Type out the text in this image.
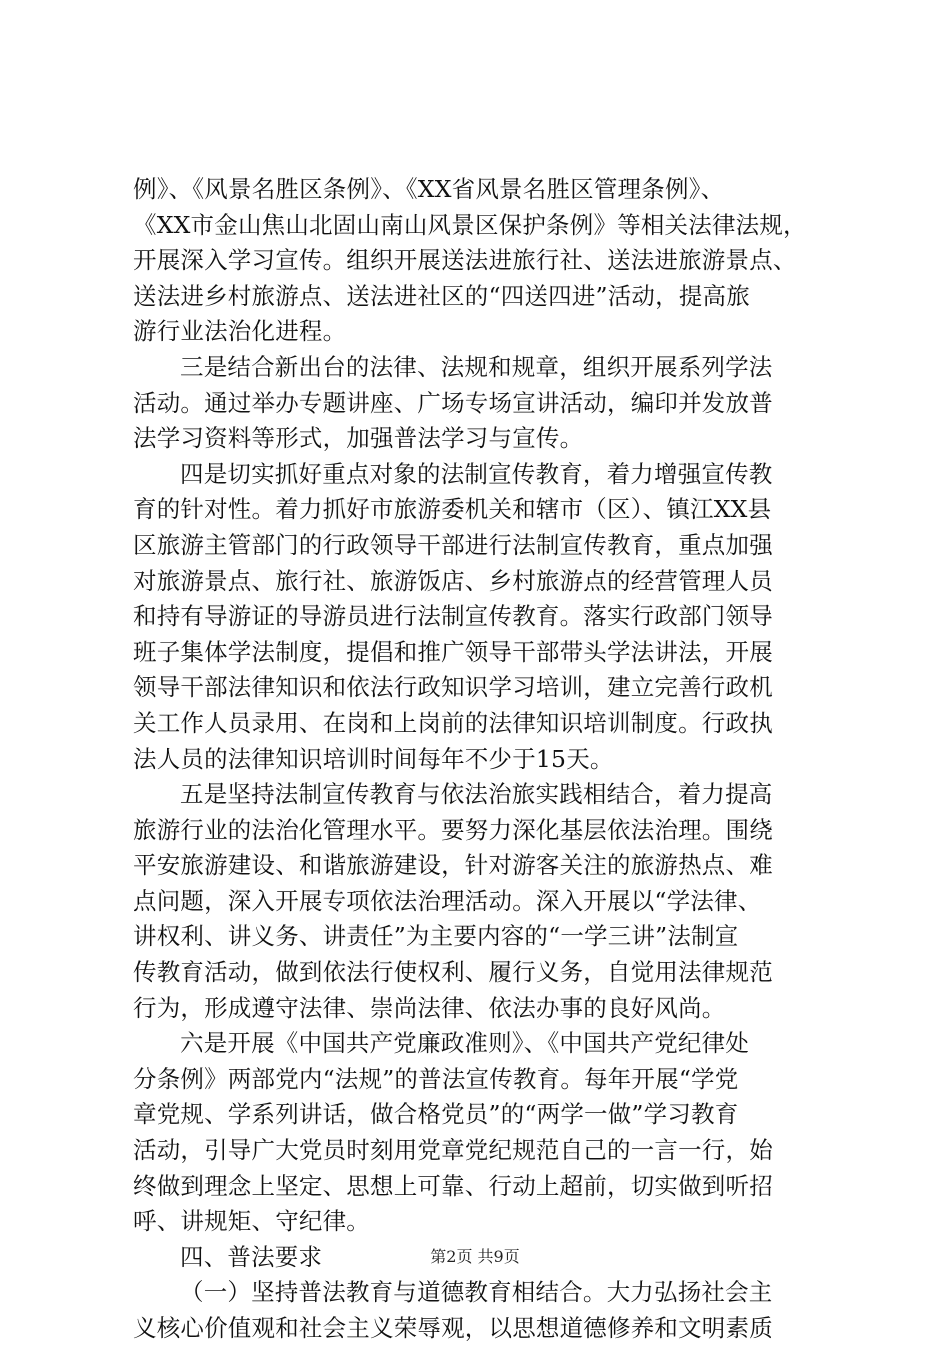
例》、《风景名胜区条例》、《XX省风景名胜区管理条例》、
《XX市金山焦山北固山南山风景区保护条例》等相关法律法规，
开展深入学习宣传。组织开展送法进旅行社、送法进旅游景点、
送法进乡村旅游点、送法进社区的“四送四进”活动，提高旅
游行业法治化进程。
三是结合新出台的法律、法规和规章，组织开展系列学法
活动。通过举办专题讲座、广场专场宣讲活动，编印并发放普
法学习资料等形式，加强普法学习与宣传。
四是切实抓好重点对象的法制宣传教育，着力增强宣传教
育的针对性。着力抓好市旅游委机关和辖市（区）、镇江XX县
区旅游主管部门的行政领导干部进行法制宣传教育，重点加强
对旅游景点、旅行社、旅游饭店、乡村旅游点的经营管理人员
和持有导游证的导游员进行法制宣传教育。落实行政部门领导
班子集体学法制度，提倡和推广领导干部带头学法讲法，开展
领导干部法律知识和依法行政知识学习培训，建立完善行政机
关工作人员录用、在岗和上岗前的法律知识培训制度。行政执
法人员的法律知识培训时间每年不少于15天。
五是坚持法制宣传教育与依法治旅实践相结合，着力提高
旅游行业的法治化管理水平。要努力深化基层依法治理。围绕
平安旅游建设、和谐旅游建设，针对游客关注的旅游热点、难
点问题，深入开展专项依法治理活动。深入开展以“学法律、
讲权利、讲义务、讲责任”为主要内容的“一学三讲”法制宣
传教育活动，做到依法行使权利、履行义务，自觉用法律规范
行为，形成遵守法律、崇尚法律、依法办事的良好风尚。
六是开展《中国共产党廉政准则》、《中国共产党纪律处
分条例》两部党内“法规”的普法宣传教育。每年开展“学党
章党规、学系列讲话，做合格党员”的“两学一做”学习教育
活动，引导广大党员时刻用党章党纪规范自己的一言一行，始
终做到理念上坚定、思想上可靠、行动上超前，切实做到听招
呼、讲规矩、守纪律。
四、普法要求
（一）坚持普法教育与道德教育相结合。大力弘扬社会主
义核心价值观和社会主义荣辱观，以思想道德修养和文明素质
第2页 共9页
